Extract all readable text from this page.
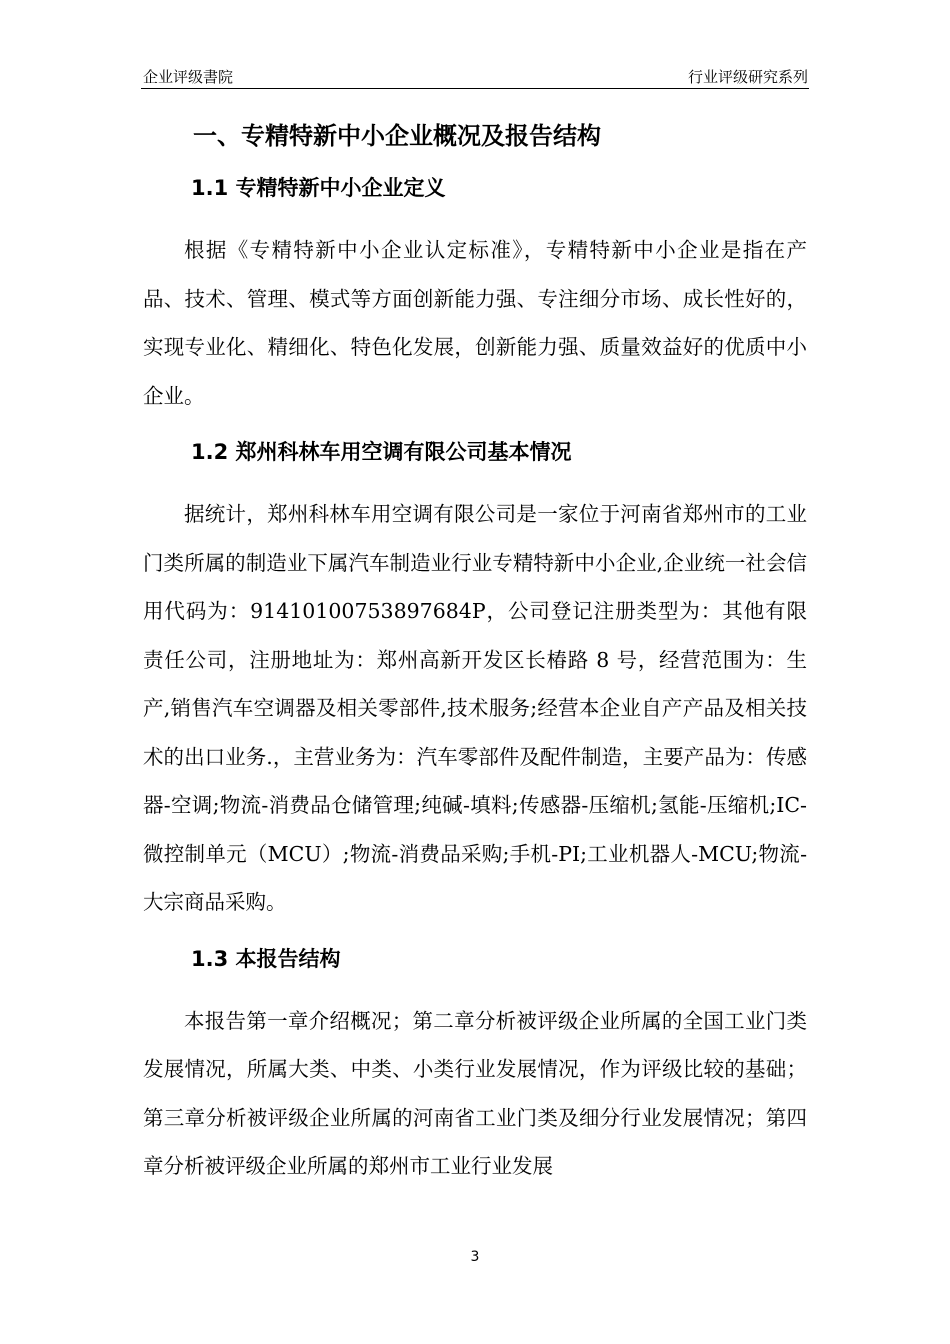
企业评级書院	行业评级研究系列
一、专精特新中小企业概况及报告结构
1.1 专精特新中小企业定义

根据《专精特新中小企业认定标准》，专精特新中小企业是指在产品、技术、管理、模式等方面创新能力强、专注细分市场、成长性好的，实现专业化、精细化、特色化发展，创新能力强、质量效益好的优质中小企业。

1.2 郑州科林车用空调有限公司基本情况

据统计，郑州科林车用空调有限公司是一家位于河南省郑州市的工业门类所属的制造业下属汽车制造业行业专精特新中小企业,企业统一社会信用代码为：91410100753897684P，公司登记注册类型为：其他有限责任公司，注册地址为：郑州高新开发区长椿路 8 号，经营范围为：生产,销售汽车空调器及相关零部件,技术服务;经营本企业自产产品及相关技术的出口业务.，主营业务为：汽车零部件及配件制造，主要产品为：传感器-空调;物流-消费品仓储管理;纯碱-填料;传感器-压缩机;氢能-压缩机;IC-微控制单元（MCU）;物流-消费品采购;手机-PI;工业机器人-MCU;物流-大宗商品采购。

1.3 本报告结构

本报告第一章介绍概况；第二章分析被评级企业所属的全国工业门类发展情况，所属大类、中类、小类行业发展情况，作为评级比较的基础；第三章分析被评级企业所属的河南省工业门类及细分行业发展情况；第四章分析被评级企业所属的郑州市工业行业发展

3
